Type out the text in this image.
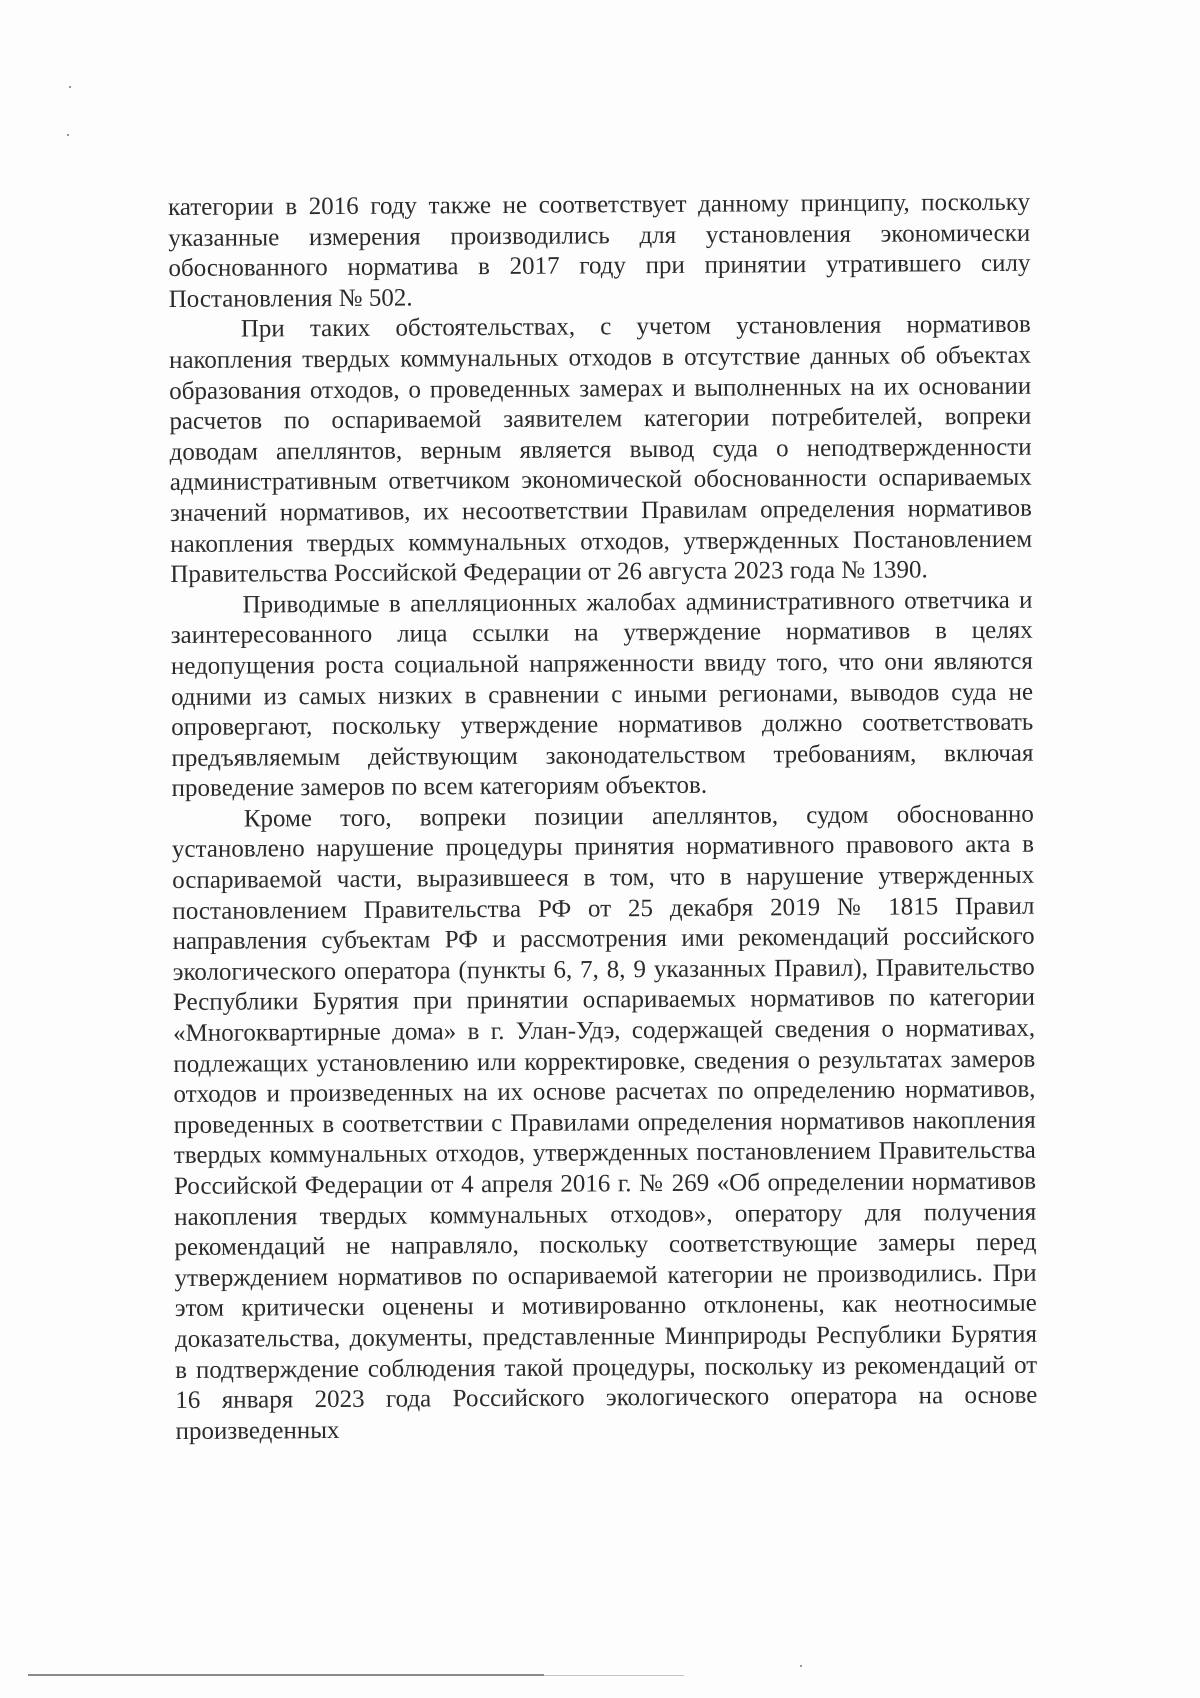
категории в 2016 году также не соответствует данному принципу, поскольку указанные измерения производились для установления экономически обоснованного норматива в 2017 году при принятии утратившего силу Постановления № 502.

При таких обстоятельствах, с учетом установления нормативов накопления твердых коммунальных отходов в отсутствие данных об объектах образования отходов, о проведенных замерах и выполненных на их основании расчетов по оспариваемой заявителем категории потребителей, вопреки доводам апеллянтов, верным является вывод суда о неподтвержденности административным ответчиком экономической обоснованности оспариваемых значений нормативов, их несоответствии Правилам определения нормативов накопления твердых коммунальных отходов, утвержденных Постановлением Правительства Российской Федерации от 26 августа 2023 года № 1390.

Приводимые в апелляционных жалобах административного ответчика и заинтересованного лица ссылки на утверждение нормативов в целях недопущения роста социальной напряженности ввиду того, что они являются одними из самых низких в сравнении с иными регионами, выводов суда не опровергают, поскольку утверждение нормативов должно соответствовать предъявляемым действующим законодательством требованиям, включая проведение замеров по всем категориям объектов.

Кроме того, вопреки позиции апеллянтов, судом обоснованно установлено нарушение процедуры принятия нормативного правового акта в оспариваемой части, выразившееся в том, что в нарушение утвержденных постановлением Правительства РФ от 25 декабря 2019 № 1815 Правил направления субъектам РФ и рассмотрения ими рекомендаций российского экологического оператора (пункты 6, 7, 8, 9 указанных Правил), Правительство Республики Бурятия при принятии оспариваемых нормативов по категории «Многоквартирные дома» в г. Улан-Удэ, содержащей сведения о нормативах, подлежащих установлению или корректировке, сведения о результатах замеров отходов и произведенных на их основе расчетах по определению нормативов, проведенных в соответствии с Правилами определения нормативов накопления твердых коммунальных отходов, утвержденных постановлением Правительства Российской Федерации от 4 апреля 2016 г. № 269 «Об определении нормативов накопления твердых коммунальных отходов», оператору для получения рекомендаций не направляло, поскольку соответствующие замеры перед утверждением нормативов по оспариваемой категории не производились. При этом критически оценены и мотивированно отклонены, как неотносимые доказательства, документы, представленные Минприроды Республики Бурятия в подтверждение соблюдения такой процедуры, поскольку из рекомендаций от 16 января 2023 года Российского экологического оператора на основе произведенных
